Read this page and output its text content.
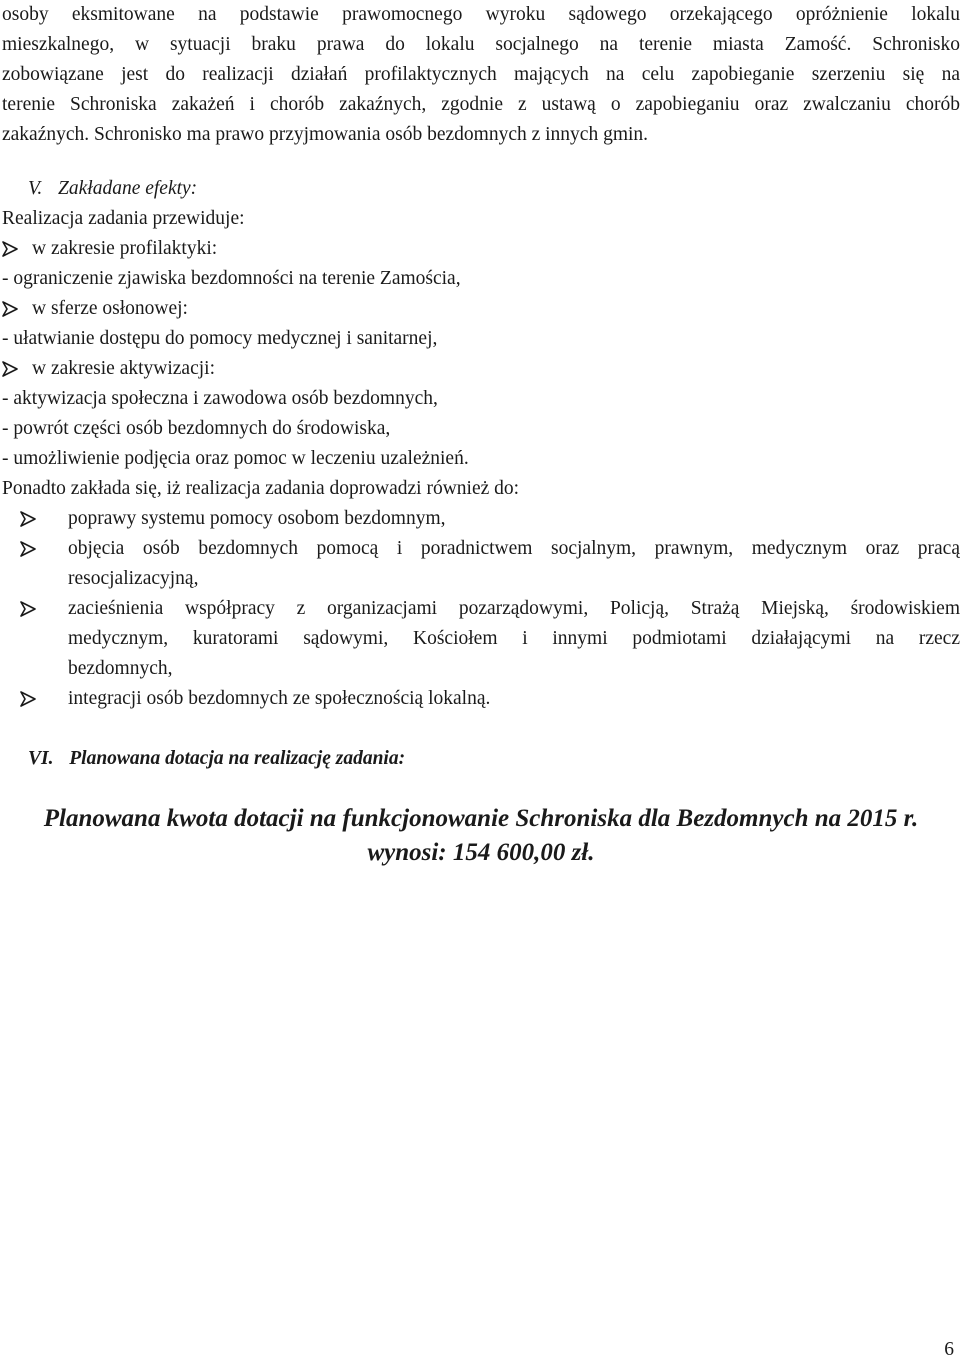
osoby eksmitowane na podstawie prawomocnego wyroku sądowego orzekającego opróżnienie lokalu
mieszkalnego, w sytuacji braku prawa do lokalu socjalnego na terenie miasta Zamość. Schronisko
zobowiązane jest do realizacji działań profilaktycznych mających na celu zapobieganie szerzeniu się na
terenie Schroniska zakażeń i chorób zakaźnych, zgodnie z ustawą o zapobieganiu oraz zwalczaniu chorób
zakaźnych. Schronisko ma prawo przyjmowania osób bezdomnych z innych gmin.
V. Zakładane efekty:
Realizacja zadania przewiduje:
w zakresie profilaktyki:
- ograniczenie zjawiska bezdomności na terenie Zamościa,
w sferze osłonowej:
- ułatwianie dostępu do pomocy medycznej i sanitarnej,
w zakresie aktywizacji:
- aktywizacja społeczna i zawodowa osób bezdomnych,
- powrót części osób bezdomnych do środowiska,
- umożliwienie podjęcia oraz pomoc w leczeniu uzależnień.
Ponadto zakłada się, iż realizacja zadania doprowadzi również do:
poprawy systemu pomocy osobom bezdomnym,
objęcia osób bezdomnych pomocą i poradnictwem socjalnym, prawnym, medycznym oraz pracą
resocjalizacyjną,
zacieśnienia współpracy z organizacjami pozarządowymi, Policją, Strażą Miejską, środowiskiem
medycznym, kuratorami sądowymi, Kościołem i innymi podmiotami działającymi na rzecz
bezdomnych,
integracji osób bezdomnych ze społecznością lokalną.
VI. Planowana dotacja na realizację zadania:
Planowana kwota dotacji na funkcjonowanie Schroniska dla Bezdomnych na 2015 r.
wynosi: 154 600,00 zł.
6
